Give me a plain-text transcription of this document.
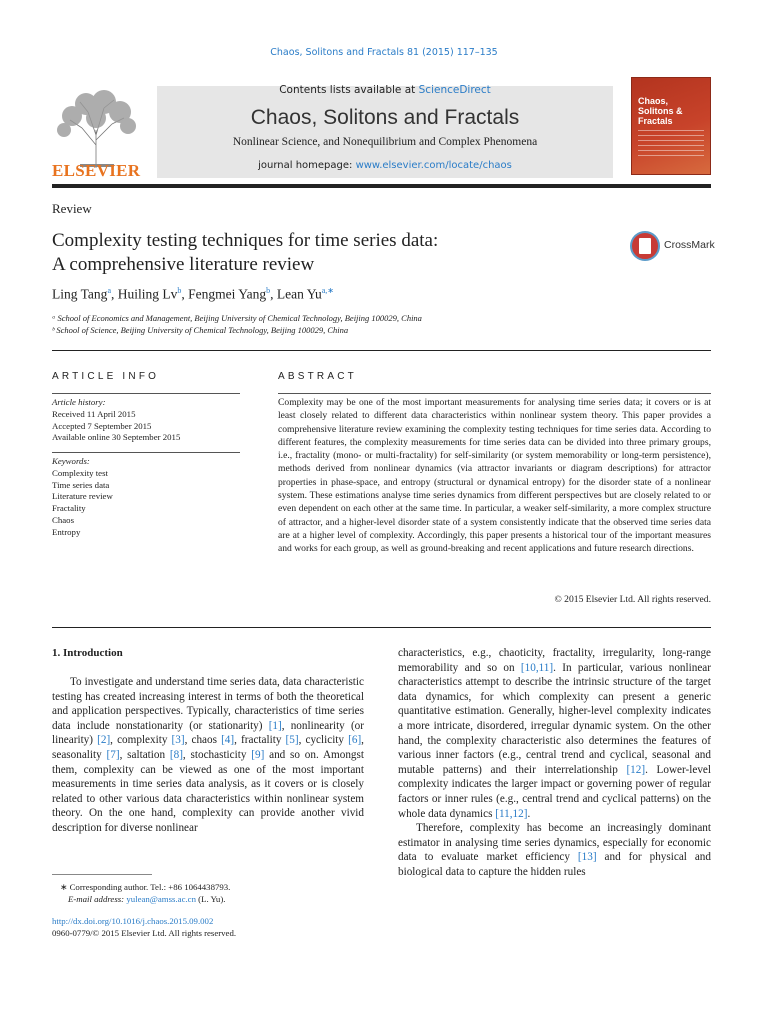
Chaos, Solitons and Fractals 81 (2015) 117–135
ELSEVIER
Contents lists available at ScienceDirect
Chaos, Solitons and Fractals
Nonlinear Science, and Nonequilibrium and Complex Phenomena
journal homepage: www.elsevier.com/locate/chaos
Chaos, Solitons & Fractals
Review
Complexity testing techniques for time series data:
A comprehensive literature review
CrossMark
Ling Tang$^a$, Huiling Lv$^b$, Fengmei Yang$^b$, Lean $Yu^{a,∗}$
ᵃ School of Economics and Management, Beijing University of Chemical Technology, Beijing 100029, China
ᵇ School of Science, Beijing University of Chemical Technology, Beijing 100029, China
ARTICLE INFO
Article history:
Received 11 April 2015
Accepted 7 September 2015
Available online 30 September 2015
Keywords:
Complexity test
Time series data
Literature review
Fractality
Chaos
Entropy
ABSTRACT
Complexity may be one of the most important measurements for analysing time series data; it covers or is at least closely related to different data characteristics within nonlinear system theory. This paper provides a comprehensive literature review examining the complexity testing techniques for time series data. According to different features, the complexity measurements for time series data can be divided into three primary groups, i.e., fractality (mono- or multi-fractality) for self-similarity (or system memorability or long-term persistence), methods derived from nonlinear dynamics (via attractor invariants or diagram descriptions) for attractor properties in phase-space, and entropy (structural or dynamical entropy) for the disorder state of a nonlinear system. These estimations analyse time series dynamics from different perspectives but are closely related to or even dependent on each other at the same time. In particular, a weaker self-similarity, a more complex structure of attractor, and a higher-level disorder state of a system consistently indicate that the observed time series data are at a higher level of complexity. Accordingly, this paper presents a historical tour of the important measures and works for each group, as well as ground-breaking and recent applications and future research directions.
© 2015 Elsevier Ltd. All rights reserved.
1. Introduction

To investigate and understand time series data, data characteristic testing has created increasing interest in terms of both the theoretical and application perspectives. Typically, characteristics of time series data include nonstationarity (or stationarity) [1], nonlinearity (or linearity) [2], complexity [3], chaos [4], fractality [5], cyclicity [6], seasonality [7], saltation [8], stochasticity [9] and so on. Amongst them, complexity can be viewed as one of the most important measurements in time series data analysis, as it covers or is closely related to other various data characteristics within nonlinear system theory. On the one hand, complexity can provide another vivid description for diverse nonlinear

characteristics, e.g., chaoticity, fractality, irregularity, long-range memorability and so on [10,11]. In particular, various nonlinear characteristics attempt to describe the intrinsic structure of the target data dynamics, for which complexity can present a generic quantitative estimation. Generally, higher-level complexity indicates a more intricate, disordered, irregular dynamic system. On the other hand, the complexity characteristic also determines the features of various inner factors (e.g., central trend and cyclical, seasonal and mutable patterns) and their interrelationship [12]. Lower-level complexity indicates the larger impact or governing power of regular factors or inner rules (e.g., central trend and cyclical patterns) on the whole data dynamics [11,12].

Therefore, complexity has become an increasingly dominant estimator in analysing time series dynamics, especially for economic data to evaluate market efficiency [13] and for physical and biological data to capture the hidden rules

∗ Corresponding author. Tel.: +86 1064438793.
E-mail address: yulean@amss.ac.cn (L. Yu).
http://dx.doi.org/10.1016/j.chaos.2015.09.002
0960-0779/© 2015 Elsevier Ltd. All rights reserved.
